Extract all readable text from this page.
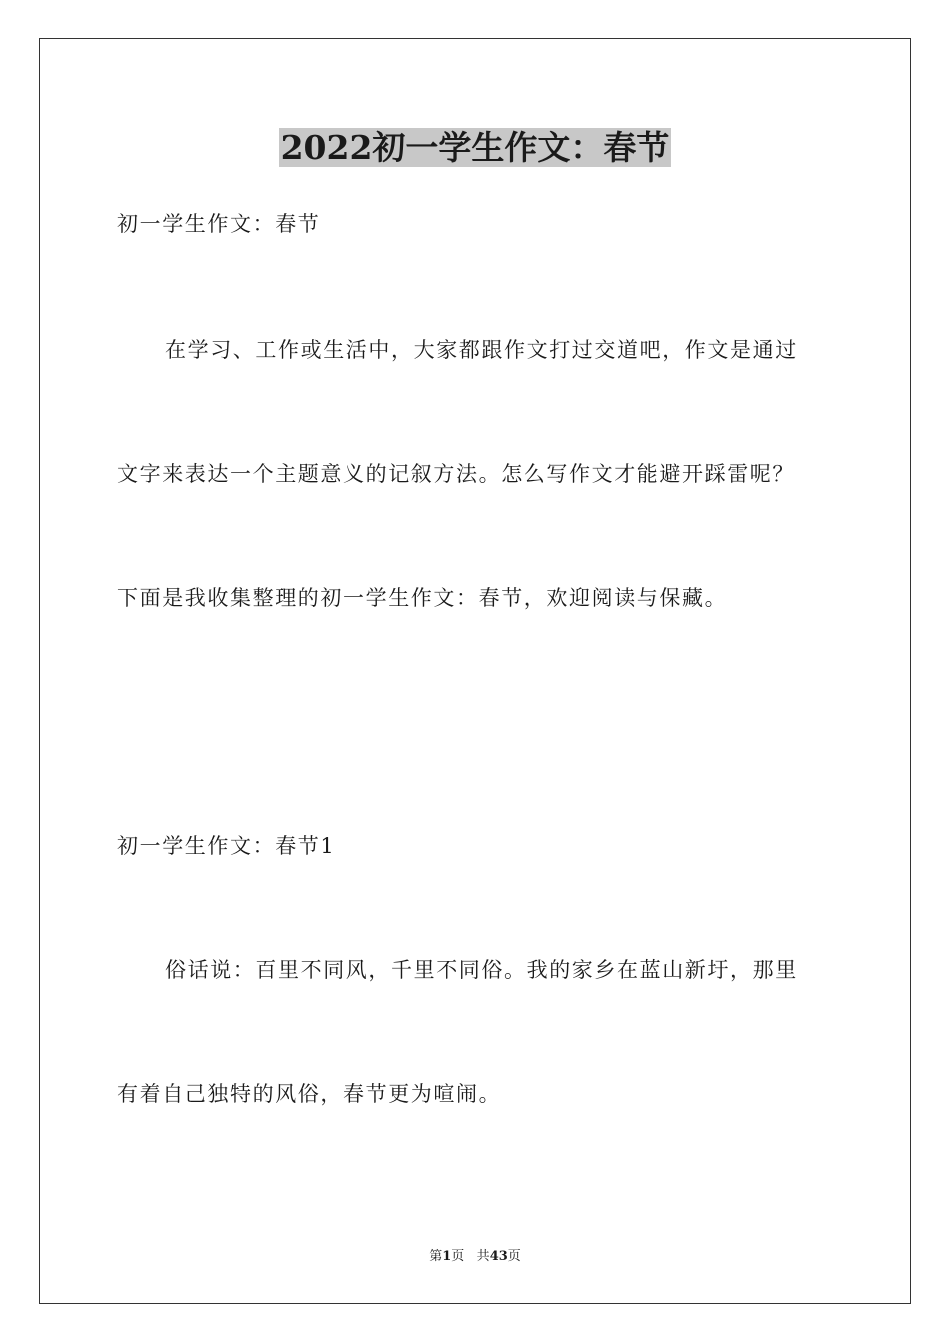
2022初一学生作文：春节
初一学生作文：春节
在学习、工作或生活中，大家都跟作文打过交道吧，作文是通过
文字来表达一个主题意义的记叙方法。怎么写作文才能避开踩雷呢？
下面是我收集整理的初一学生作文：春节，欢迎阅读与保藏。
初一学生作文：春节1
俗话说：百里不同风，千里不同俗。我的家乡在蓝山新圩，那里
有着自己独特的风俗，春节更为喧闹。
第1页 共43页
